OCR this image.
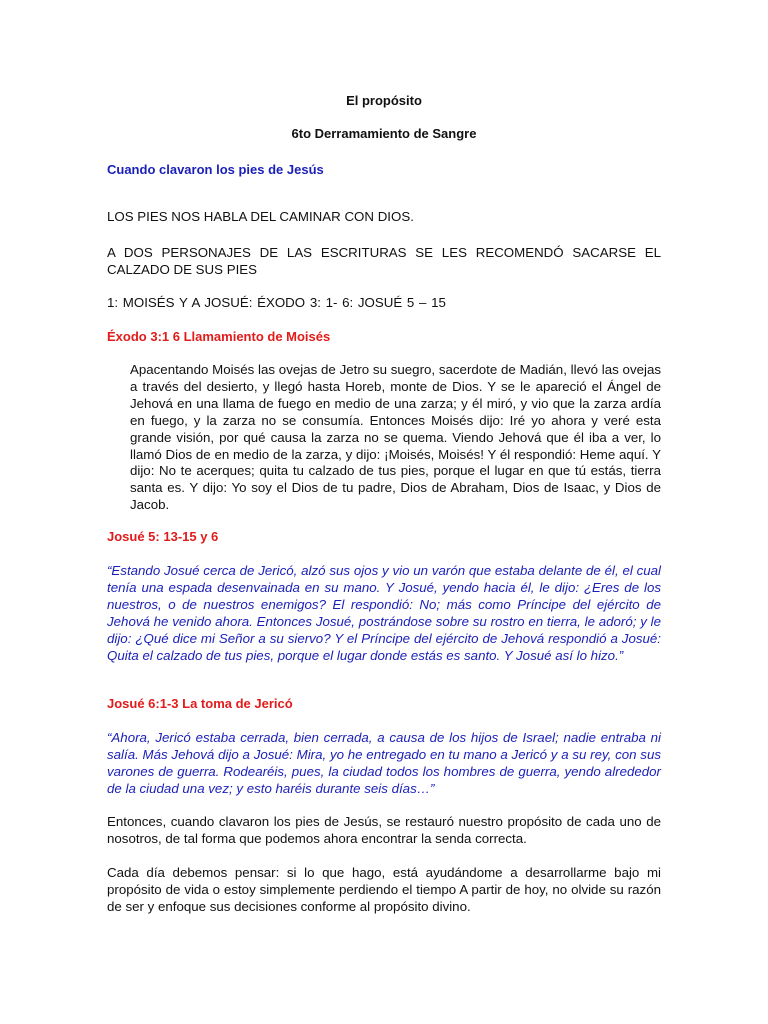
El propósito
6to Derramamiento de Sangre
Cuando clavaron los pies de Jesús
LOS PIES NOS HABLA DEL CAMINAR CON DIOS.
A DOS PERSONAJES DE LAS ESCRITURAS SE LES RECOMENDÓ SACARSE EL CALZADO DE SUS PIES
1: MOISÉS Y A JOSUÉ: ÉXODO 3: 1- 6: JOSUÉ 5 – 15
Éxodo 3:1 6 Llamamiento de Moisés
Apacentando Moisés las ovejas de Jetro su suegro, sacerdote de Madián, llevó las ovejas a través del desierto, y llegó hasta Horeb, monte de Dios. Y se le apareció el Ángel de Jehová en una llama de fuego en medio de una zarza; y él miró, y vio que la zarza ardía en fuego, y la zarza no se consumía. Entonces Moisés dijo: Iré yo ahora y veré esta grande visión, por qué causa la zarza no se quema. Viendo Jehová que él iba a ver, lo llamó Dios de en medio de la zarza, y dijo: ¡Moisés, Moisés! Y él respondió: Heme aquí. Y dijo: No te acerques; quita tu calzado de tus pies, porque el lugar en que tú estás, tierra santa es. Y dijo: Yo soy el Dios de tu padre, Dios de Abraham, Dios de Isaac, y Dios de Jacob.
Josué 5: 13-15 y 6
“Estando Josué cerca de Jericó, alzó sus ojos y vio un varón que estaba delante de él, el cual tenía una espada desenvainada en su mano. Y Josué, yendo hacia él, le dijo: ¿Eres de los nuestros, o de nuestros enemigos? El respondió: No; más como Príncipe del ejército de Jehová he venido ahora. Entonces Josué, postrándose sobre su rostro en tierra, le adoró; y le dijo: ¿Qué dice mi Señor a su siervo? Y el Príncipe del ejército de Jehová respondió a Josué: Quita el calzado de tus pies, porque el lugar donde estás es santo. Y Josué así lo hizo.”
Josué 6:1-3 La toma de Jericó
“Ahora, Jericó estaba cerrada, bien cerrada, a causa de los hijos de Israel; nadie entraba ni salía. Más Jehová dijo a Josué: Mira, yo he entregado en tu mano a Jericó y a su rey, con sus varones de guerra. Rodearéis, pues, la ciudad todos los hombres de guerra, yendo alrededor de la ciudad una vez; y esto haréis durante seis días…”
Entonces, cuando clavaron los pies de Jesús, se restauró nuestro propósito de cada uno de nosotros, de tal forma que podemos ahora encontrar la senda correcta.
Cada día debemos pensar: si lo que hago, está ayudándome a desarrollarme bajo mi propósito de vida o estoy simplemente perdiendo el tiempo A partir de hoy, no olvide su razón de ser y enfoque sus decisiones conforme al propósito divino.
